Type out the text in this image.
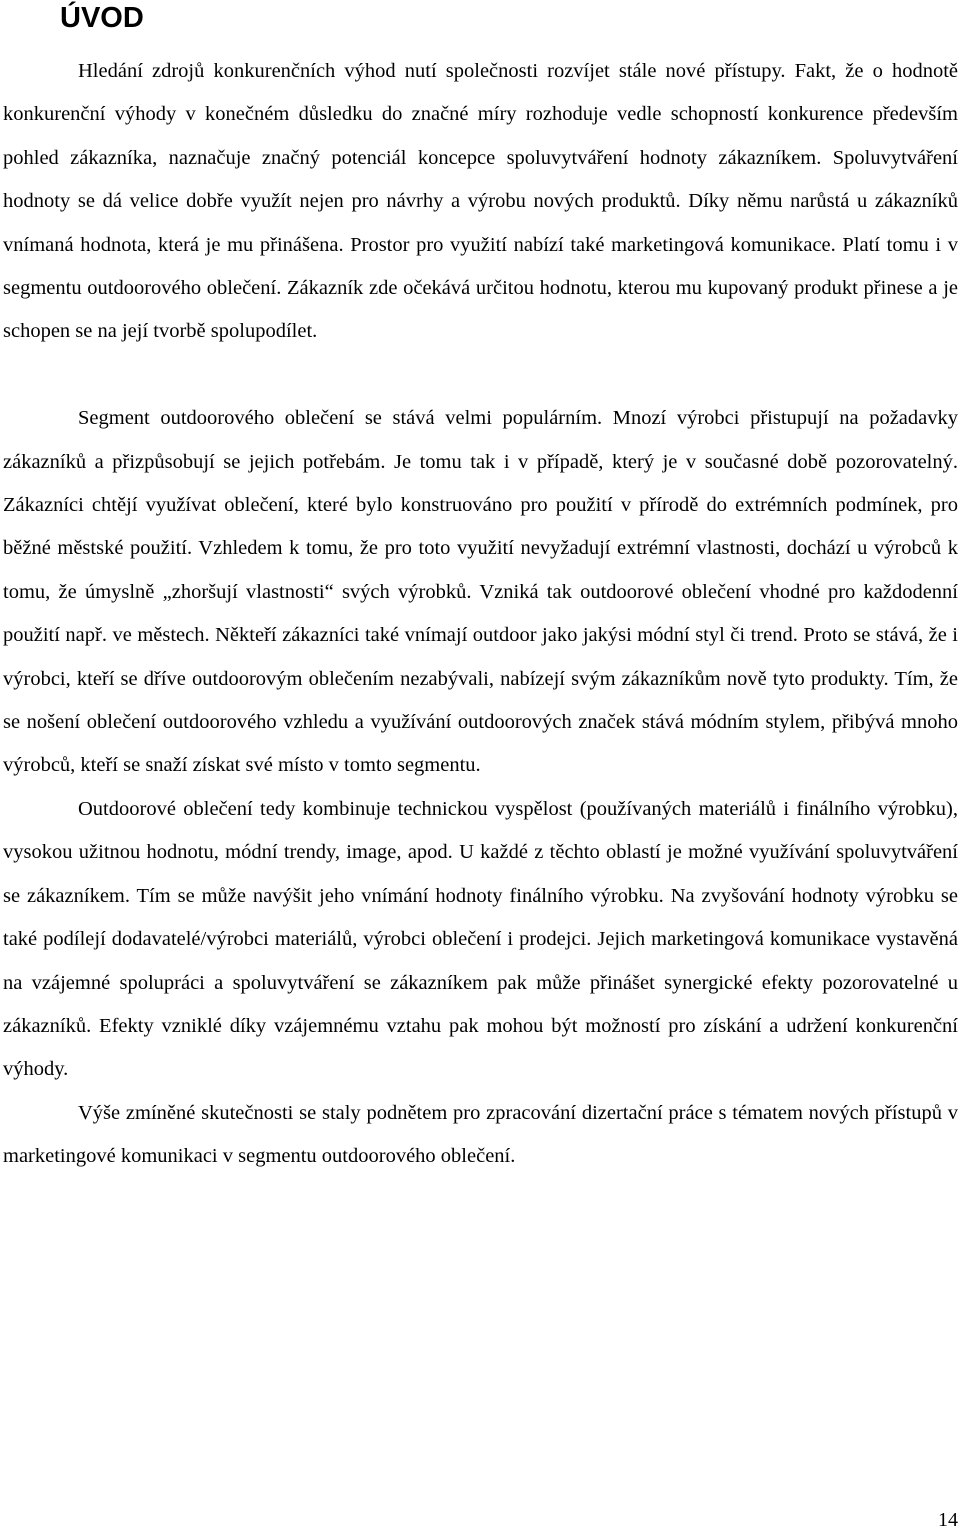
ÚVOD

Hledání zdrojů konkurenčních výhod nutí společnosti rozvíjet stále nové přístupy. Fakt, že o hodnotě konkurenční výhody v konečném důsledku do značné míry rozhoduje vedle schopností konkurence především pohled zákazníka, naznačuje značný potenciál koncepce spoluvytváření hodnoty zákazníkem. Spoluvytváření hodnoty se dá velice dobře využít nejen pro návrhy a výrobu nových produktů. Díky němu narůstá u zákazníků vnímaná hodnota, která je mu přinášena. Prostor pro využití nabízí také marketingová komunikace. Platí tomu i v segmentu outdoorového oblečení. Zákazník zde očekává určitou hodnotu, kterou mu kupovaný produkt přinese a je schopen se na její tvorbě spolupodílet.

Segment outdoorového oblečení se stává velmi populárním. Mnozí výrobci přistupují na požadavky zákazníků a přizpůsobují se jejich potřebám. Je tomu tak i v případě, který je v současné době pozorovatelný. Zákazníci chtějí využívat oblečení, které bylo konstruováno pro použití v přírodě do extrémních podmínek, pro běžné městské použití. Vzhledem k tomu, že pro toto využití nevyžadují extrémní vlastnosti, dochází u výrobců k tomu, že úmyslně „zhoršují vlastnosti“ svých výrobků. Vzniká tak outdoorové oblečení vhodné pro každodenní použití např. ve městech. Někteří zákazníci také vnímají outdoor jako jakýsi módní styl či trend. Proto se stává, že i výrobci, kteří se dříve outdoorovým oblečením nezabývali, nabízejí svým zákazníkům nově tyto produkty. Tím, že se nošení oblečení outdoorového vzhledu a využívání outdoorových značek stává módním stylem, přibývá mnoho výrobců, kteří se snaží získat své místo v tomto segmentu.

Outdoorové oblečení tedy kombinuje technickou vyspělost (používaných materiálů i finálního výrobku), vysokou užitnou hodnotu, módní trendy, image, apod. U každé z těchto oblastí je možné využívání spoluvytváření se zákazníkem. Tím se může navýšit jeho vnímání hodnoty finálního výrobku. Na zvyšování hodnoty výrobku se také podílejí dodavatelé/výrobci materiálů, výrobci oblečení i prodejci. Jejich marketingová komunikace vystavěná na vzájemné spolupráci a spoluvytváření se zákazníkem pak může přinášet synergické efekty pozorovatelné u zákazníků. Efekty vzniklé díky vzájemnému vztahu pak mohou být možností pro získání a udržení konkurenční výhody.

Výše zmíněné skutečnosti se staly podnětem pro zpracování dizertační práce s tématem nových přístupů v marketingové komunikaci v segmentu outdoorového oblečení.

14
